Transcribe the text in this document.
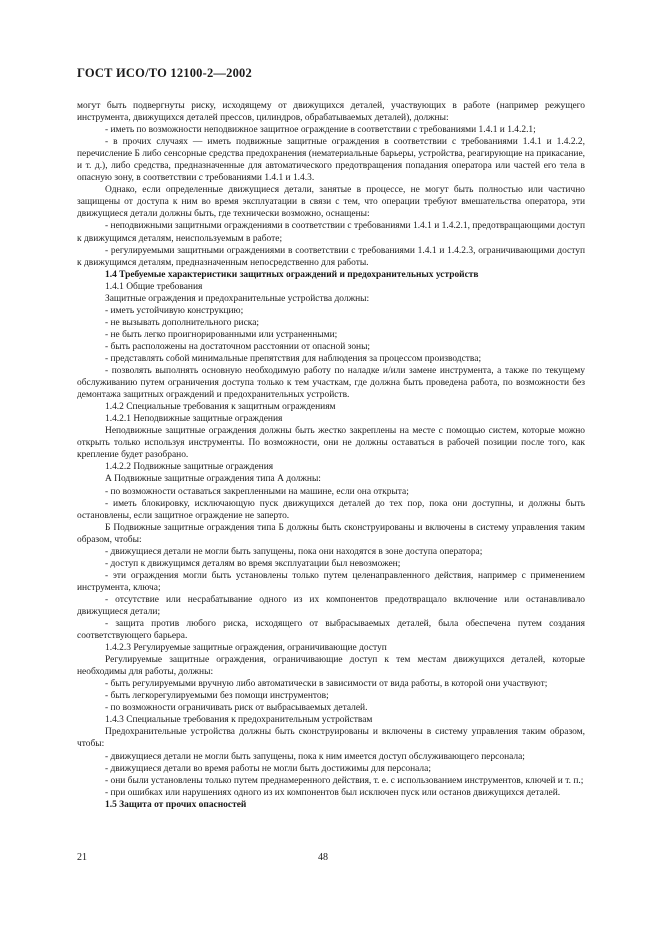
ГОСТ ИСО/ТО 12100-2—2002

могут быть подвергнуты риску, исходящему от движущихся деталей, участвующих в работе (например режущего инструмента, движущихся деталей прессов, цилиндров, обрабатываемых деталей), должны:

- иметь по возможности неподвижное защитное ограждение в соответствии с требованиями 1.4.1 и 1.4.2.1;

- в прочих случаях — иметь подвижные защитные ограждения в соответствии с требованиями 1.4.1 и 1.4.2.2, перечисление Б либо сенсорные средства предохранения (нематериальные барьеры, устройства, реагирующие на прикасание, и т. д.), либо средства, предназначенные для автоматического предотвращения попадания оператора или частей его тела в опасную зону, в соответствии с требованиями 1.4.1 и 1.4.3.

Однако, если определенные движущиеся детали, занятые в процессе, не могут быть полностью или частично защищены от доступа к ним во время эксплуатации в связи с тем, что операции требуют вмешательства оператора, эти движущиеся детали должны быть, где технически возможно, оснащены:

- неподвижными защитными ограждениями в соответствии с требованиями 1.4.1 и 1.4.2.1, предотвращающими доступ к движущимся деталям, неиспользуемым в работе;

- регулируемыми защитными ограждениями в соответствии с требованиями 1.4.1 и 1.4.2.3, ограничивающими доступ к движущимся деталям, предназначенным непосредственно для работы.

1.4 Требуемые характеристики защитных ограждений и предохранительных устройств

1.4.1 Общие требования

Защитные ограждения и предохранительные устройства должны:

- иметь устойчивую конструкцию;

- не вызывать дополнительного риска;

- не быть легко проигнорированными или устраненными;

- быть расположены на достаточном расстоянии от опасной зоны;

- представлять собой минимальные препятствия для наблюдения за процессом производства;

- позволять выполнять основную необходимую работу по наладке и/или замене инструмента, а также по текущему обслуживанию путем ограничения доступа только к тем участкам, где должна быть проведена работа, по возможности без демонтажа защитных ограждений и предохранительных устройств.

1.4.2 Специальные требования к защитным ограждениям

1.4.2.1 Неподвижные защитные ограждения

Неподвижные защитные ограждения должны быть жестко закреплены на месте с помощью систем, которые можно открыть только используя инструменты. По возможности, они не должны оставаться в рабочей позиции после того, как крепление будет разобрано.

1.4.2.2 Подвижные защитные ограждения

А Подвижные защитные ограждения типа А должны:

- по возможности оставаться закрепленными на машине, если она открыта;

- иметь блокировку, исключающую пуск движущихся деталей до тех пор, пока они доступны, и должны быть остановлены, если защитное ограждение не заперто.

Б Подвижные защитные ограждения типа Б должны быть сконструированы и включены в систему управления таким образом, чтобы:

- движущиеся детали не могли быть запущены, пока они находятся в зоне доступа оператора;

- доступ к движущимся деталям во время эксплуатации был невозможен;

- эти ограждения могли быть установлены только путем целенаправленного действия, например с применением инструмента, ключа;

- отсутствие или несрабатывание одного из их компонентов предотвращало включение или останавливало движущиеся детали;

- защита против любого риска, исходящего от выбрасываемых деталей, была обеспечена путем создания соответствующего барьера.

1.4.2.3 Регулируемые защитные ограждения, ограничивающие доступ

Регулируемые защитные ограждения, ограничивающие доступ к тем местам движущихся деталей, которые необходимы для работы, должны:

- быть регулируемыми вручную либо автоматически в зависимости от вида работы, в которой они участвуют;

- быть легкорегулируемыми без помощи инструментов;

- по возможности ограничивать риск от выбрасываемых деталей.

1.4.3 Специальные требования к предохранительным устройствам

Предохранительные устройства должны быть сконструированы и включены в систему управления таким образом, чтобы:

- движущиеся детали не могли быть запущены, пока к ним имеется доступ обслуживающего персонала;

- движущиеся детали во время работы не могли быть достижимы для персонала;

- они были установлены только путем преднамеренного действия, т. е. с использованием инструментов, ключей и т. п.;

- при ошибках или нарушениях одного из их компонентов был исключен пуск или останов движущихся деталей.

1.5 Защита от прочих опасностей

21	48
